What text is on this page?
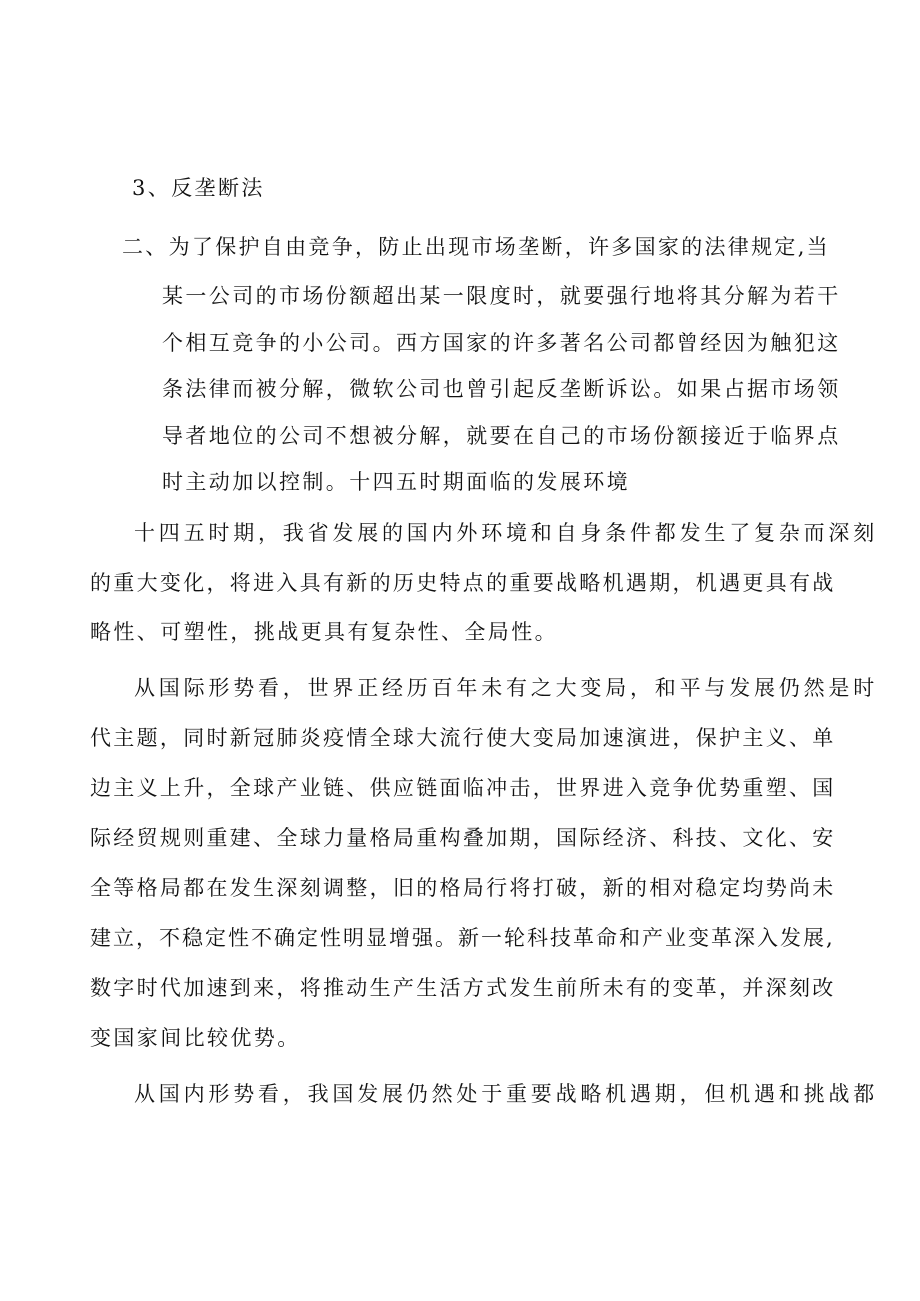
3、反垄断法
二、为了保护自由竞争，防止出现市场垄断，许多国家的法律规定,当
某一公司的市场份额超出某一限度时，就要强行地将其分解为若干
个相互竞争的小公司。西方国家的许多著名公司都曾经因为触犯这
条法律而被分解，微软公司也曾引起反垄断诉讼。如果占据市场领
导者地位的公司不想被分解，就要在自己的市场份额接近于临界点
时主动加以控制。十四五时期面临的发展环境
十四五时期，我省发展的国内外环境和自身条件都发生了复杂而深刻
的重大变化，将进入具有新的历史特点的重要战略机遇期，机遇更具有战
略性、可塑性，挑战更具有复杂性、全局性。
从国际形势看，世界正经历百年未有之大变局，和平与发展仍然是时
代主题，同时新冠肺炎疫情全球大流行使大变局加速演进，保护主义、单
边主义上升，全球产业链、供应链面临冲击，世界进入竞争优势重塑、国
际经贸规则重建、全球力量格局重构叠加期，国际经济、科技、文化、安
全等格局都在发生深刻调整，旧的格局行将打破，新的相对稳定均势尚未
建立，不稳定性不确定性明显增强。新一轮科技革命和产业变革深入发展,
数字时代加速到来，将推动生产生活方式发生前所未有的变革，并深刻改
变国家间比较优势。
从国内形势看，我国发展仍然处于重要战略机遇期，但机遇和挑战都
